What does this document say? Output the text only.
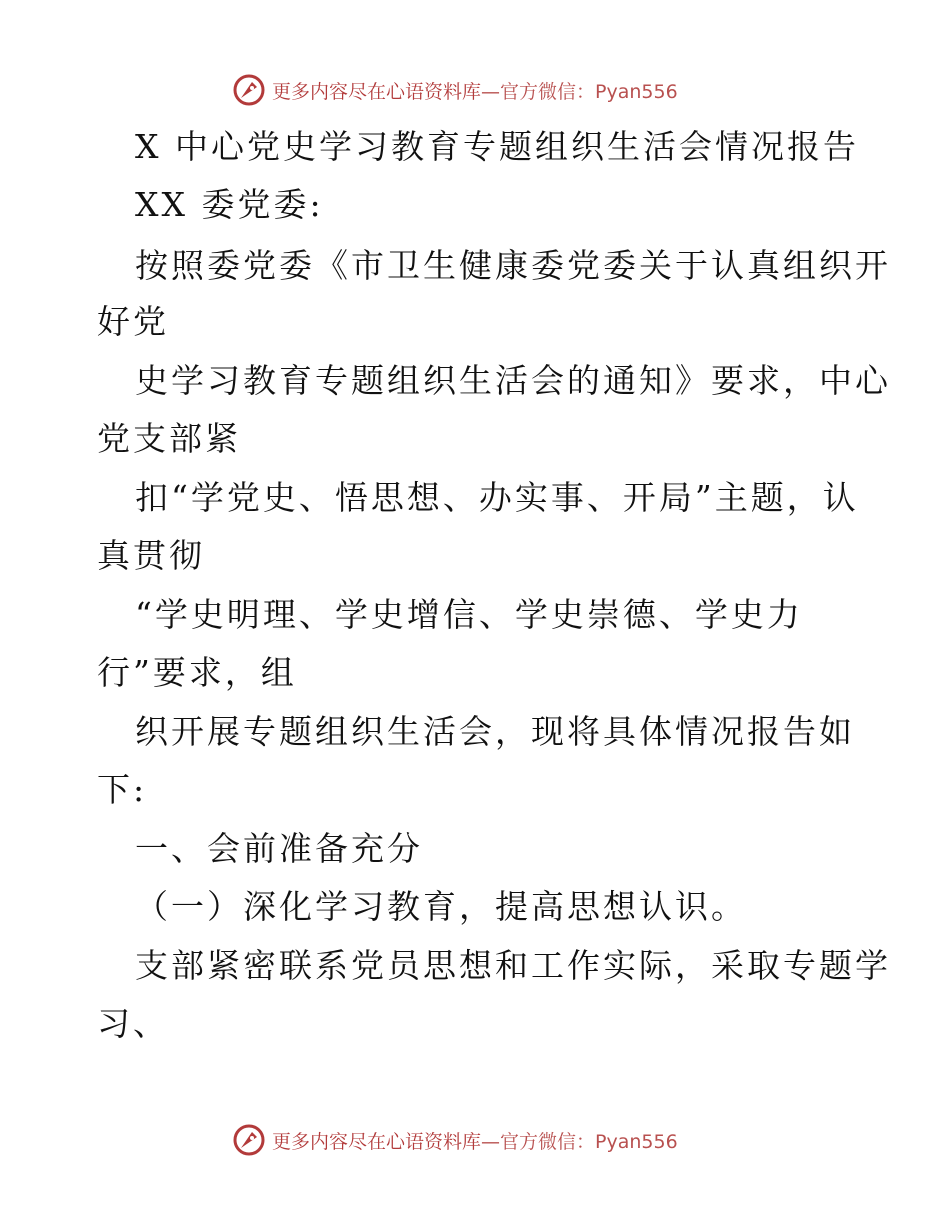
更多内容尽在心语资料库 —官方微信：Pyan556
X 中心党史学习教育专题组织生活会情况报告
XX 委党委:
按照委党委《市卫生健康委党委关于认真组织开
好党
史学习教育专题组织生活会的通知》要求，中心
党支部紧
扣“学党史、悟思想、办实事、开局”主题，认
真贯彻
“学史明理、学史增信、学史崇德、学史力
行”要求，组
织开展专题组织生活会，现将具体情况报告如
下:
一、会前准备充分
（一）深化学习教育，提高思想认识。
支部紧密联系党员思想和工作实际，采取专题学
习、
更多内容尽在心语资料库 —官方微信：Pyan556
